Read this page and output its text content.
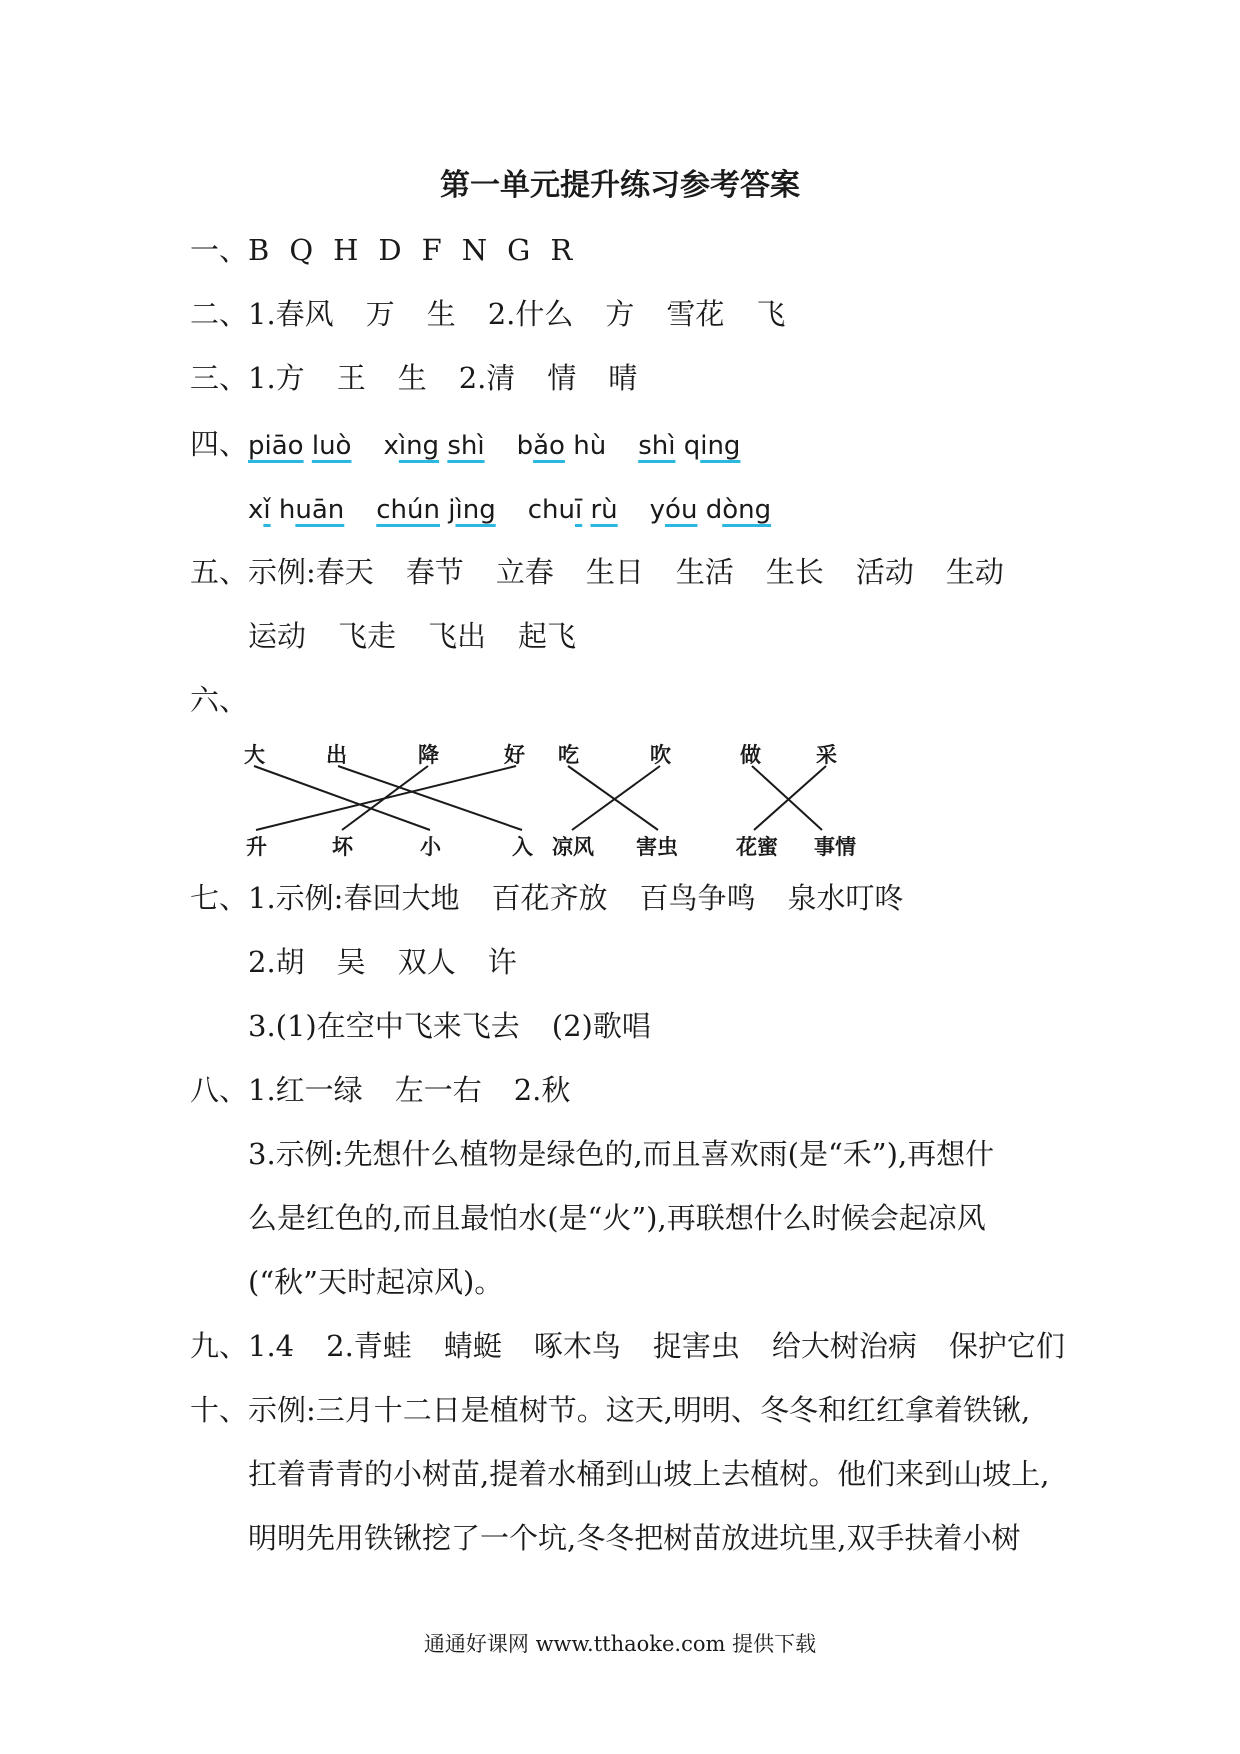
第一单元提升练习参考答案
一、B Q H D F N G R
二、1.春风 万 生 2.什么 方 雪花 飞
三、1.方 王 生 2.清 情 晴
四、piāo luò xìng shì bǎo hù shì qing
xǐ huān chún jìng chuī rù yóu dòng
五、示例:春天 春节 立春 生日 生活 生长 活动 生动
运动 飞走 飞出 起飞
六、
大	出	降	好 吃	吹	做	采
升	坏	小	入 凉风 害虫	花蜜 事情
七、1.示例:春回大地 百花齐放 百鸟争鸣 泉水叮咚
2.胡 吴 双人 许
3.(1)在空中飞来飞去 (2)歌唱
八、1.红一绿 左一右 2.秋
3.示例:先想什么植物是绿色的,而且喜欢雨(是“禾”),再想什
么是红色的,而且最怕水(是“火”),再联想什么时候会起凉风
(“秋”天时起凉风)。
九、1.4 2.青蛙 蜻蜓 啄木鸟 捉害虫 给大树治病 保护它们
十、示例:三月十二日是植树节。这天,明明、冬冬和红红拿着铁锹,
扛着青青的小树苗,提着水桶到山坡上去植树。他们来到山坡上,
明明先用铁锹挖了一个坑,冬冬把树苗放进坑里,双手扶着小树
通通好课网 www.tthaoke.com 提供下载
